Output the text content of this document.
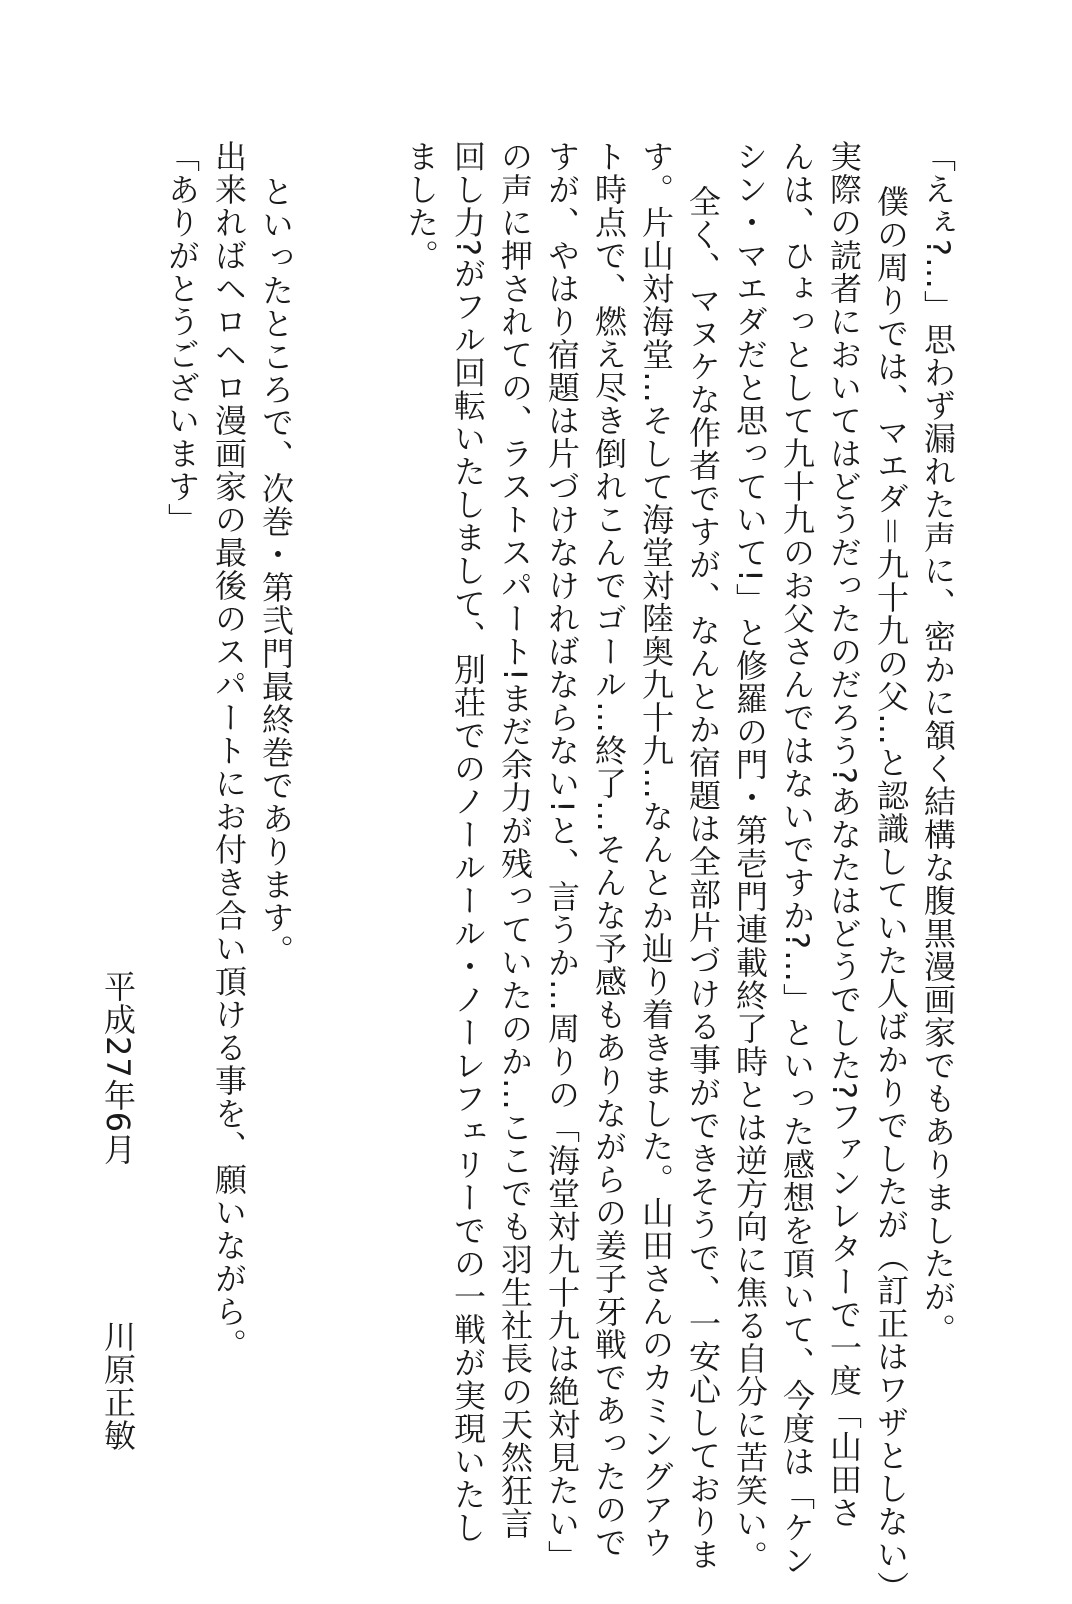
「えぇ?…」思わず漏れた声に、密かに頷く結構な腹黒漫画家でもありましたが。
僕の周りでは、マエダ＝九十九の父…と認識していた人ばかりでしたが（訂正はワザとしない）
実際の読者においてはどうだったのだろう?あなたはどうでした?ファンレターで一度「山田さ
んは、ひょっとして九十九のお父さんではないですか?…」といった感想を頂いて、今度は「ケン
シン・マエダだと思っていて!」と修羅の門・第壱門連載終了時とは逆方向に焦る自分に苦笑い。
全く、マヌケな作者ですが、なんとか宿題は全部片づける事ができそうで、一安心しておりま
す。片山対海堂…そして海堂対陸奥九十九…なんとか辿り着きました。山田さんのカミングアウ
ト時点で、燃え尽き倒れこんでゴール…終了…そんな予感もありながらの姜子牙戦であったので
すが、やはり宿題は片づけなければならない!と、言うか…周りの「海堂対九十九は絶対見たい」
の声に押されての、ラストスパート!まだ余力が残っていたのか…ここでも羽生社長の天然狂言
回し力?がフル回転いたしまして、別荘でのノールール・ノーレフェリーでの一戦が実現いたし
ました。
といったところで、次巻・第弐門最終巻であります。
出来ればヘロヘロ漫画家の最後のスパートにお付き合い頂ける事を、願いながら。
「ありがとうございます」
平成27年6月
川原正敏
